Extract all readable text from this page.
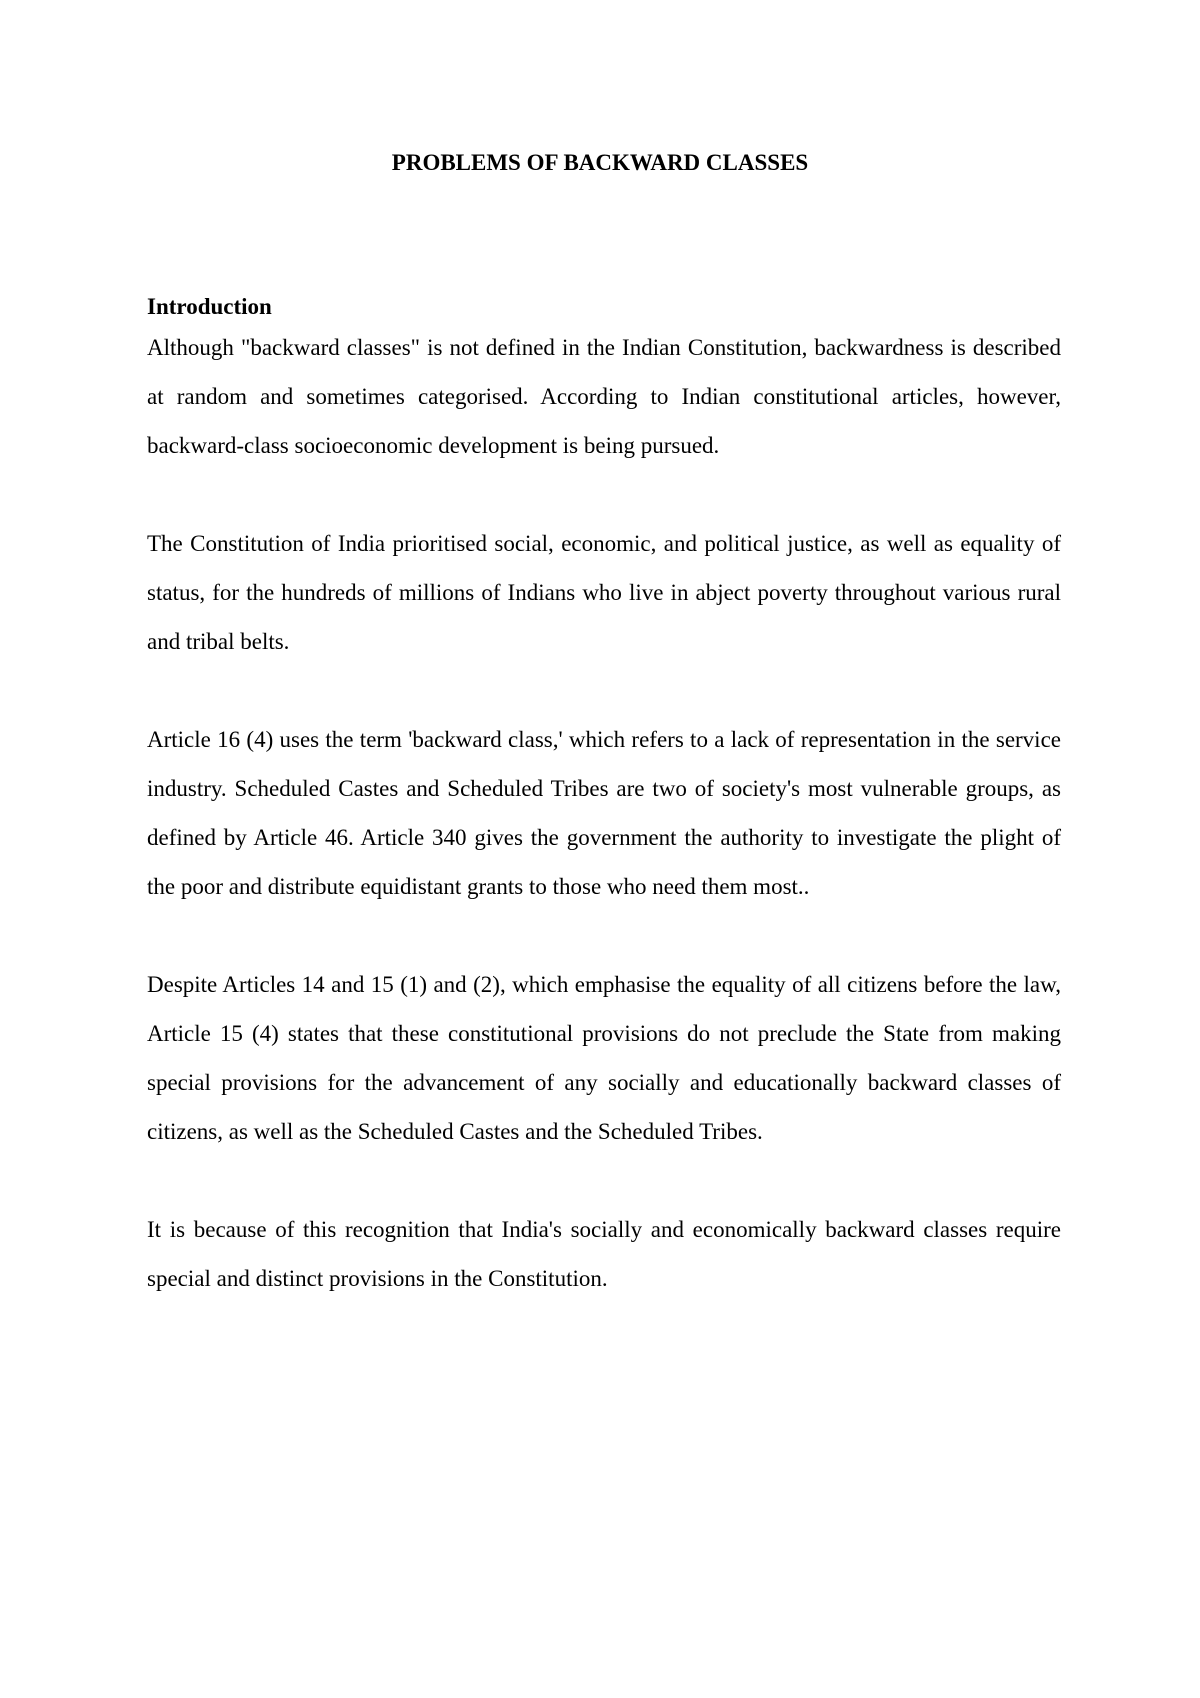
PROBLEMS OF BACKWARD CLASSES
Introduction

Although "backward classes" is not defined in the Indian Constitution, backwardness is described at random and sometimes categorised. According to Indian constitutional articles, however, backward-class socioeconomic development is being pursued.

The Constitution of India prioritised social, economic, and political justice, as well as equality of status, for the hundreds of millions of Indians who live in abject poverty throughout various rural and tribal belts.

Article 16 (4) uses the term 'backward class,' which refers to a lack of representation in the service industry. Scheduled Castes and Scheduled Tribes are two of society's most vulnerable groups, as defined by Article 46. Article 340 gives the government the authority to investigate the plight of the poor and distribute equidistant grants to those who need them most..

Despite Articles 14 and 15 (1) and (2), which emphasise the equality of all citizens before the law, Article 15 (4) states that these constitutional provisions do not preclude the State from making special provisions for the advancement of any socially and educationally backward classes of citizens, as well as the Scheduled Castes and the Scheduled Tribes.

It is because of this recognition that India's socially and economically backward classes require special and distinct provisions in the Constitution.
